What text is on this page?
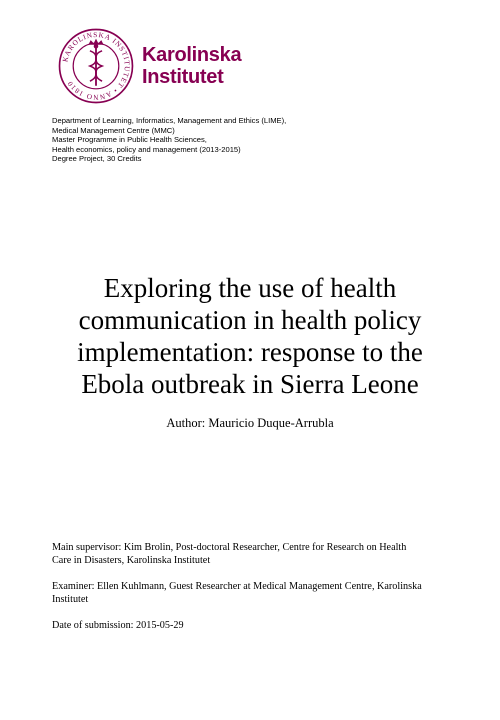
KAROLINSKA INSTITUTET • ANNO 1810
Karolinska
Institutet
Department of Learning, Informatics, Management and Ethics (LIME),
Medical Management Centre (MMC)
Master Programme in Public Health Sciences,
Health economics, policy and management (2013-2015)
Degree Project, 30 Credits
Exploring the use of health
communication in health policy
implementation: response to the
Ebola outbreak in Sierra Leone
Author: Mauricio Duque-Arrubla
Main supervisor: Kim Brolin, Post-doctoral Researcher, Centre for Research on Health
Care in Disasters, Karolinska Institutet
Examiner: Ellen Kuhlmann, Guest Researcher at Medical Management Centre, Karolinska
Institutet
Date of submission: 2015-05-29
